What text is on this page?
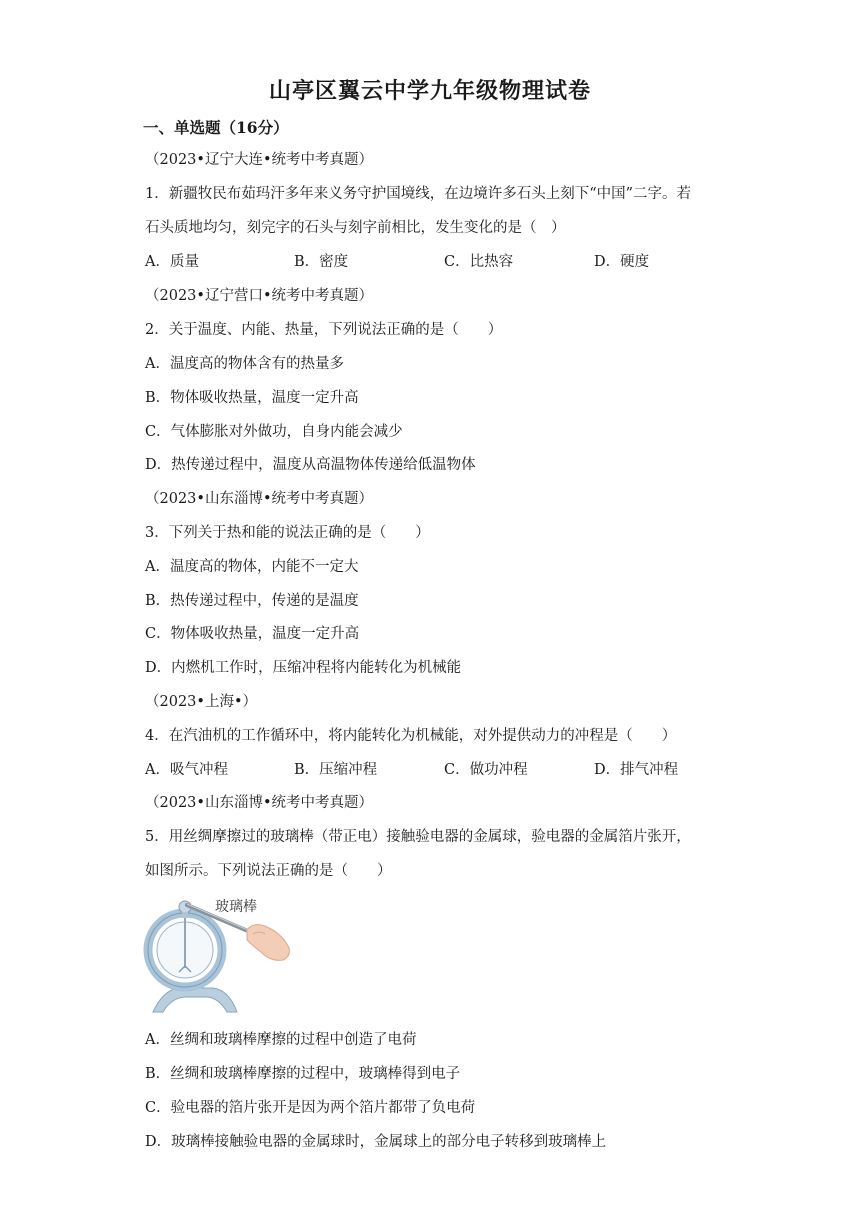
山亭区翼云中学九年级物理试卷
一、单选题（16分）
（2023•辽宁大连•统考中考真题）
1．新疆牧民布茹玛汗多年来义务守护国境线，在边境许多石头上刻下“中国”二字。若
石头质地均匀，刻完字的石头与刻字前相比，发生变化的是（　）
A．质量	B．密度	C．比热容	D．硬度
（2023•辽宁营口•统考中考真题）
2．关于温度、内能、热量，下列说法正确的是（　　）
A．温度高的物体含有的热量多
B．物体吸收热量，温度一定升高
C．气体膨胀对外做功，自身内能会减少
D．热传递过程中，温度从高温物体传递给低温物体
（2023•山东淄博•统考中考真题）
3．下列关于热和能的说法正确的是（　　）
A．温度高的物体，内能不一定大
B．热传递过程中，传递的是温度
C．物体吸收热量，温度一定升高
D．内燃机工作时，压缩冲程将内能转化为机械能
（2023•上海•）
4．在汽油机的工作循环中，将内能转化为机械能，对外提供动力的冲程是（　　）
A．吸气冲程	B．压缩冲程	C．做功冲程	D．排气冲程
（2023•山东淄博•统考中考真题）
5．用丝绸摩擦过的玻璃棒（带正电）接触验电器的金属球，验电器的金属箔片张开，
如图所示。下列说法正确的是（　　）
玻璃棒
A．丝绸和玻璃棒摩擦的过程中创造了电荷
B．丝绸和玻璃棒摩擦的过程中，玻璃棒得到电子
C．验电器的箔片张开是因为两个箔片都带了负电荷
D．玻璃棒接触验电器的金属球时，金属球上的部分电子转移到玻璃棒上
